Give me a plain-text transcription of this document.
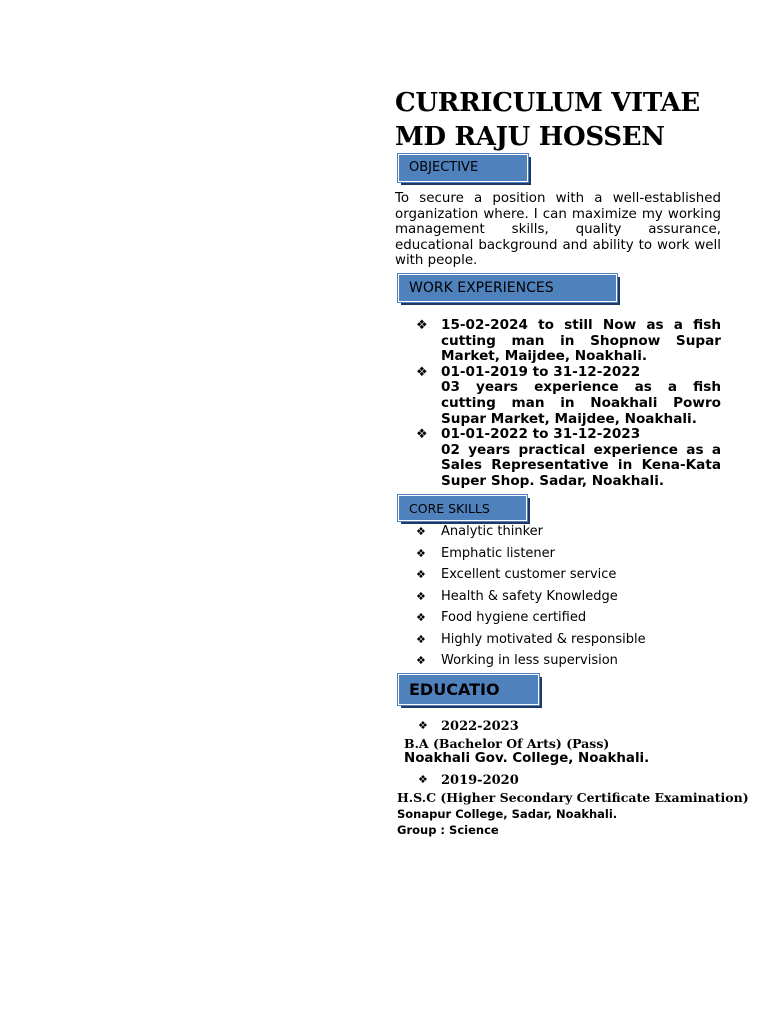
CURRICULUM VITAE
MD RAJU HOSSEN
OBJECTIVE
To secure a position with a well-established organization where. I can maximize my working management skills, quality assurance, educational background and ability to work well with people.
WORK EXPERIENCES
❖ 15-02-2024 to still Now as a fish cutting man in Shopnow Supar Market, Maijdee, Noakhali.
❖ 01-01-2019 to 31-12-2022
03 years experience as a fish cutting man in Noakhali Powro Supar Market, Maijdee, Noakhali.
❖ 01-01-2022 to 31-12-2023
02 years practical experience as a Sales Representative in Kena-Kata Super Shop. Sadar, Noakhali.
CORE SKILLS
❖ Analytic thinker
❖ Emphatic listener
❖ Excellent customer service
❖ Health & safety Knowledge
❖ Food hygiene certified
❖ Highly motivated & responsible
❖ Working in less supervision
EDUCATIO
❖ 2022-2023
B.A (Bachelor Of Arts) (Pass)
Noakhali Gov. College, Noakhali.
❖ 2019-2020
H.S.C (Higher Secondary Certificate Examination)
Sonapur College, Sadar, Noakhali.
Group : Science
